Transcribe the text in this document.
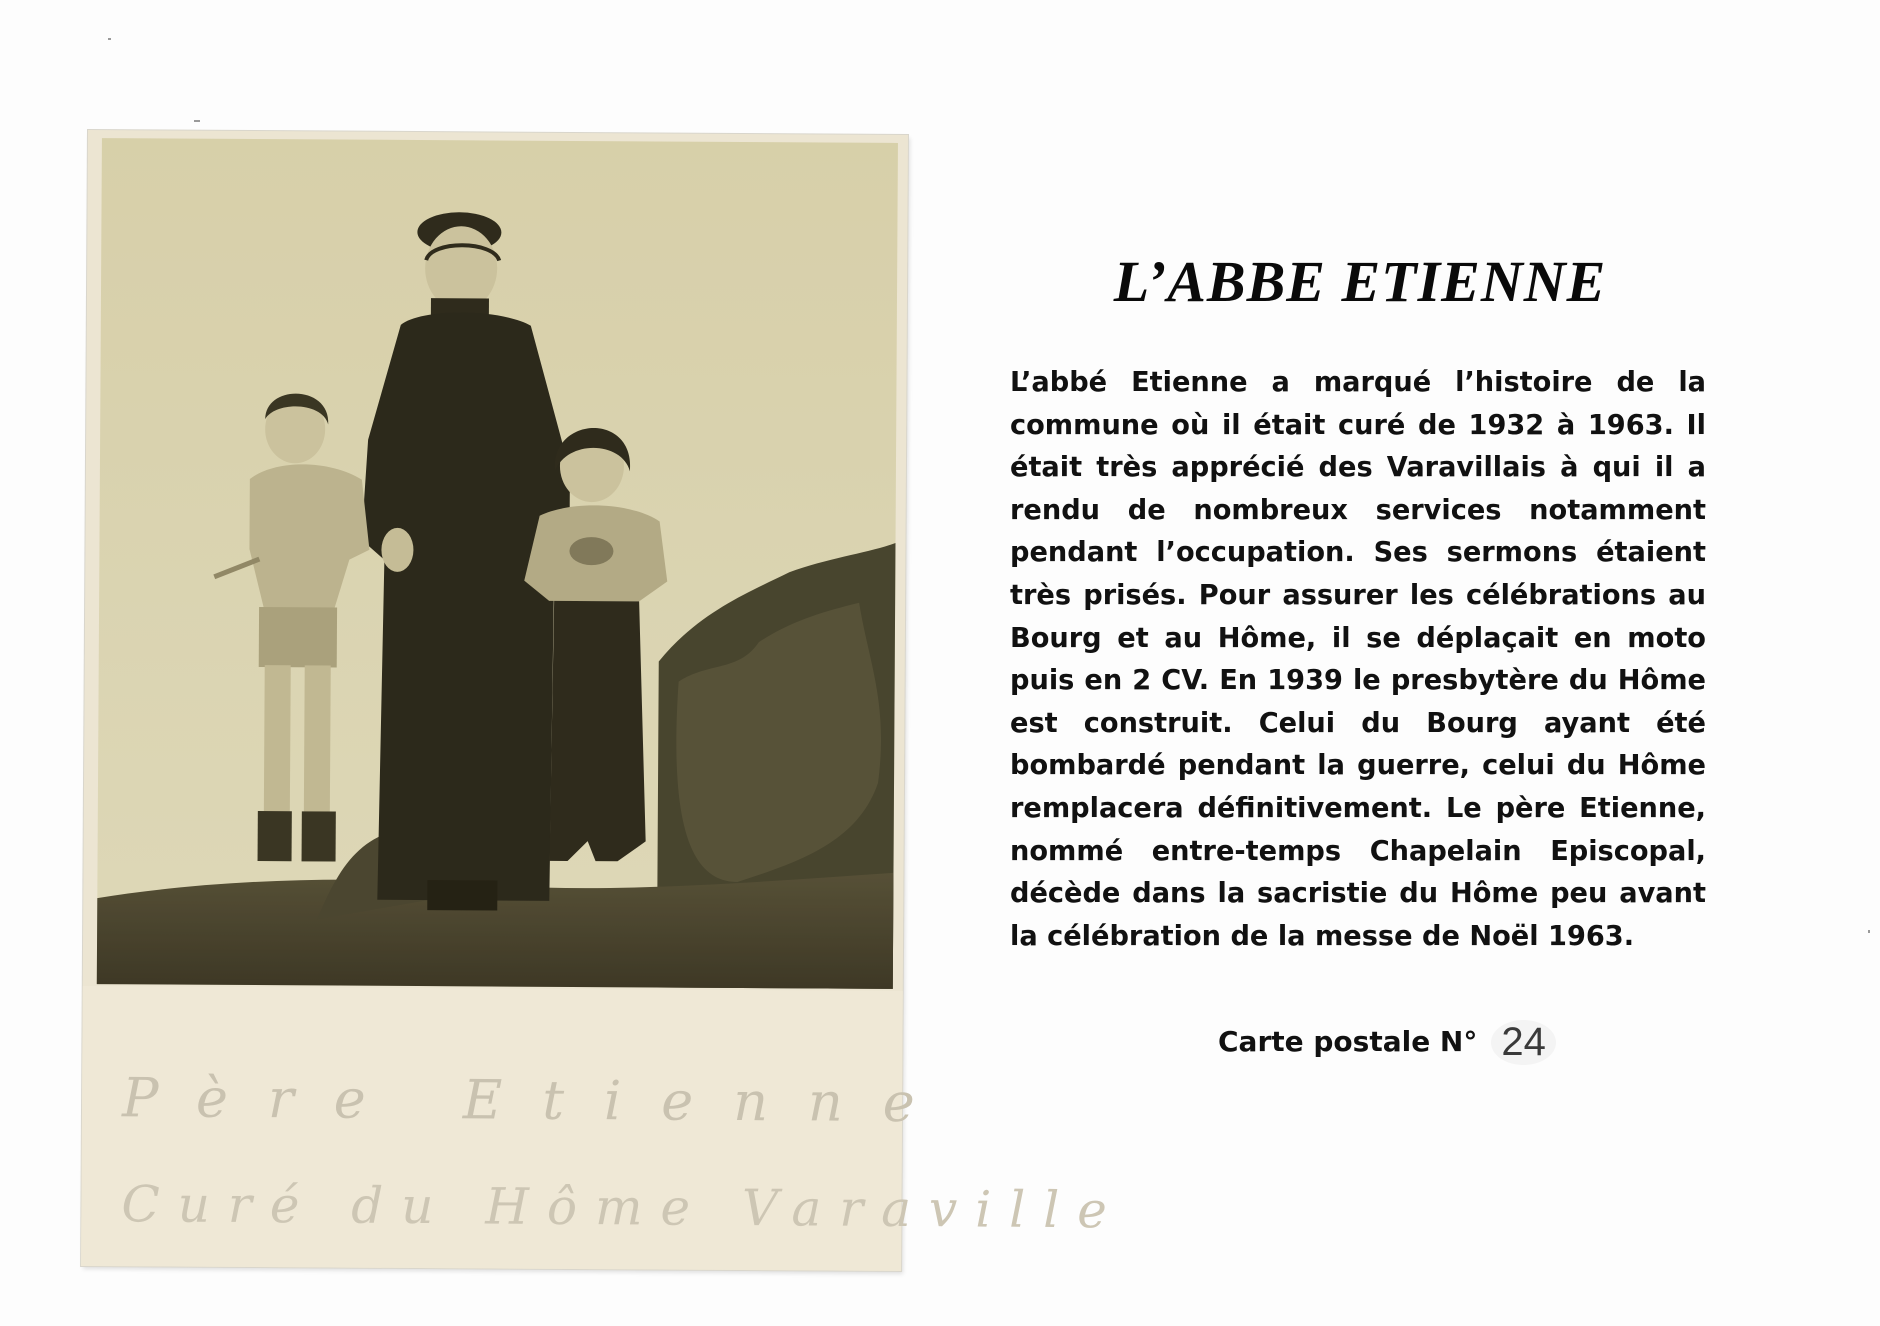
Père Etienne
Curé du Hôme Varaville
L’ABBE ETIENNE

L’abbé Etienne a marqué l’histoire de la commune où il était curé de 1932 à 1963. Il était très apprécié des Varavillais à qui il a rendu de nombreux services notamment pendant l’occupation. Ses sermons étaient très prisés. Pour assurer les célébrations au Bourg et au Hôme, il se déplaçait en moto puis en 2 CV. En 1939 le presbytère du Hôme est construit. Celui du Bourg ayant été bombardé pendant la guerre, celui du Hôme remplacera définitivement. Le père Etienne, nommé entre-temps Chapelain Episcopal, décède dans la sacristie du Hôme peu avant la célébration de la messe de Noël 1963.

Carte postale N° 24
